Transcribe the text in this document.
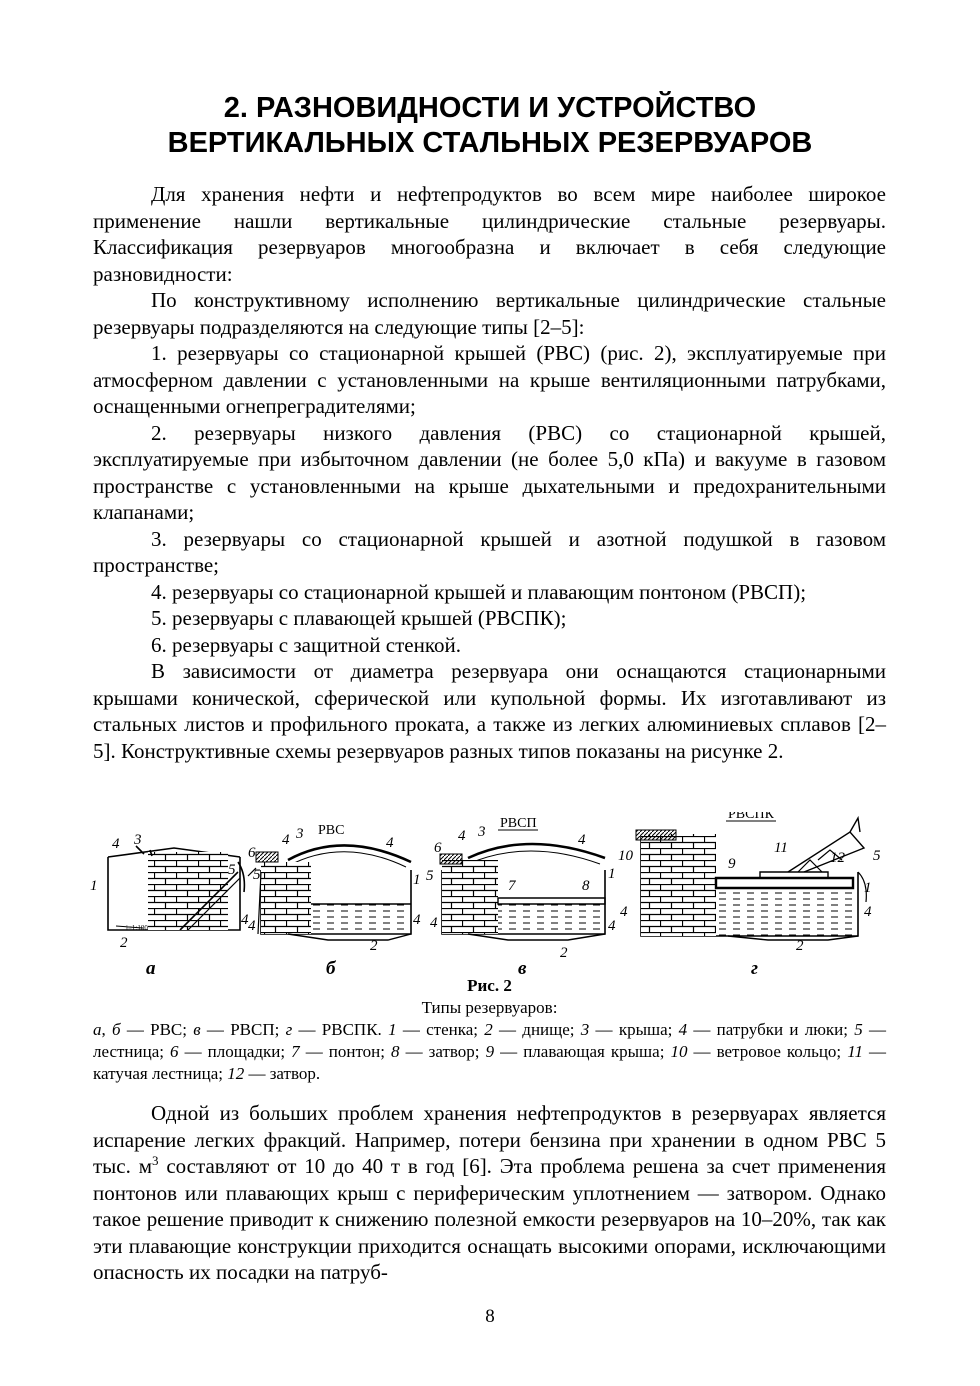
2. РАЗНОВИДНОСТИ И УСТРОЙСТВО
ВЕРТИКАЛЬНЫХ СТАЛЬНЫХ РЕЗЕРВУАРОВ

Для хранения нефти и нефтепродуктов во всем мире наиболее широкое применение нашли вертикальные цилиндрические стальные резервуары. Классификация резервуаров многообразна и включает в себя следующие разновидности:

По конструктивному исполнению вертикальные цилиндрические стальные резервуары подразделяются на следующие типы [2–5]:

1. резервуары со стационарной крышей (РВС) (рис. 2), эксплуатируемые при атмосферном давлении с установленными на крыше вентиляционными патрубками, оснащенными огнепреградителями;

2. резервуары низкого давления (РВС) со стационарной крышей, эксплуатируемые при избыточном давлении (не более 5,0 кПа) и вакууме в газовом пространстве с установленными на крыше дыхательными и предохранительными клапанами;

3. резервуары со стационарной крышей и азотной подушкой в газовом пространстве;

4. резервуары со стационарной крышей и плавающим понтоном (РВСП);

5. резервуары с плавающей крышей (РВСПК);

6. резервуары с защитной стенкой.

В зависимости от диаметра резервуара они оснащаются стационарными крышами конической, сферической или купольной формы. Их изготавливают из стальных листов и профильного проката, а также из легких алюминиевых сплавов [2–5]. Конструктивные схемы резервуаров разных типов показаны на рисунке 2.

РВС	РВСП
РВСПК
i=1:100
1
4 3
5
4
2
6
4 3
4
5	1
4	4
2
6
4 3	4
5
7	8
1
4	4
2
10	9
11
12 5
1
4
4
2
а	б	в	г
Рис. 2
Типы резервуаров:
а, б — РВС; в — РВСП; г — РВСПК. 1 — стенка; 2 — днище; 3 — крыша; 4 — патрубки и люки; 5 — лестница; 6 — площадки; 7 — понтон; 8 — затвор; 9 — плавающая крыша; 10 — ветровое кольцо; 11 — катучая лестница; 12 — затвор.

Одной из больших проблем хранения нефтепродуктов в резервуарах является испарение легких фракций. Например, потери бензина при хранении в одном РВС 5 тыс. $м^3$ составляют от 10 до 40 т в год [6]. Эта проблема решена за счет применения понтонов или плавающих крыш с периферическим уплотнением — затвором. Однако такое решение приводит к снижению полезной емкости резервуаров на 10–20%, так как эти плавающие конструкции приходится оснащать высокими опорами, исключающими опасность их посадки на патруб-

8
